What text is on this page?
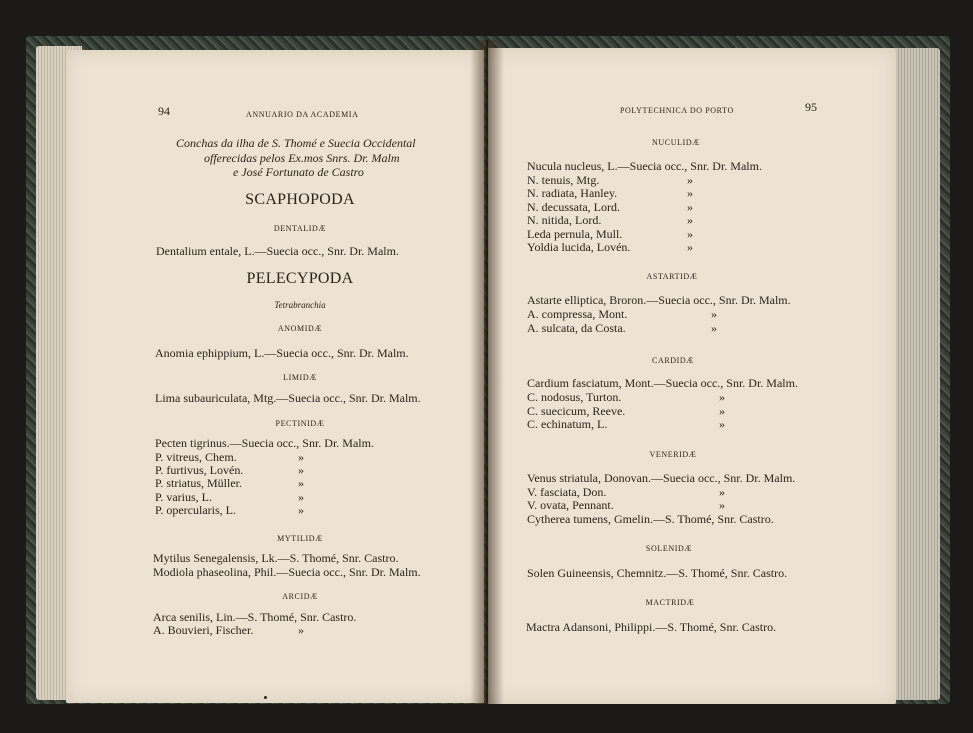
94	ANNUARIO DA ACADEMIA
Conchas da ilha de S. Thomé e Suecia Occidental
offerecidas pelos Ex.mos Snrs. Dr. Malm
e José Fortunato de Castro
SCAPHOPODA
DENTALIDÆ
Dentalium entale, L.—Suecia occ., Snr. Dr. Malm.
PELECYPODA
Tetrabranchia
ANOMIDÆ
Anomia ephippium, L.—Suecia occ., Snr. Dr. Malm.
LIMIDÆ
Lima subauriculata, Mtg.—Suecia occ., Snr. Dr. Malm.
PECTINIDÆ
Pecten tigrinus.—Suecia occ., Snr. Dr. Malm.
P. vitreus, Chem.	»
P. furtivus, Lovén.	»
P. striatus, Müller.	»
P. varius, L.	»
P. opercularis, L.	»
MYTILIDÆ
Mytilus Senegalensis, Lk.—S. Thomé, Snr. Castro.
Modiola phaseolina, Phil.—Suecia occ., Snr. Dr. Malm.
ARCIDÆ
Arca senilis, Lin.—S. Thomé, Snr. Castro.
A. Bouvieri, Fischer.	»
POLYTECHNICA DO PORTO	95
NUCULIDÆ
Nucula nucleus, L.—Suecia occ., Snr. Dr. Malm.
N. tenuis, Mtg.	»
N. radiata, Hanley.	»
N. decussata, Lord.	»
N. nitida, Lord.	»
Leda pernula, Mull.	»
Yoldia lucida, Lovén.	»
ASTARTIDÆ
Astarte elliptica, Broron.—Suecia occ., Snr. Dr. Malm.
A. compressa, Mont.	»
A. sulcata, da Costa.	»
CARDIDÆ
Cardium fasciatum, Mont.—Suecia occ., Snr. Dr. Malm.
C. nodosus, Turton.	»
C. suecicum, Reeve.	»
C. echinatum, L.	»
VENERIDÆ
Venus striatula, Donovan.—Suecia occ., Snr. Dr. Malm.
V. fasciata, Don.	»
V. ovata, Pennant.	»
Cytherea tumens, Gmelin.—S. Thomé, Snr. Castro.
SOLENIDÆ
Solen Guineensis, Chemnitz.—S. Thomé, Snr. Castro.
MACTRIDÆ
Mactra Adansoni, Philippi.—S. Thomé, Snr. Castro.
